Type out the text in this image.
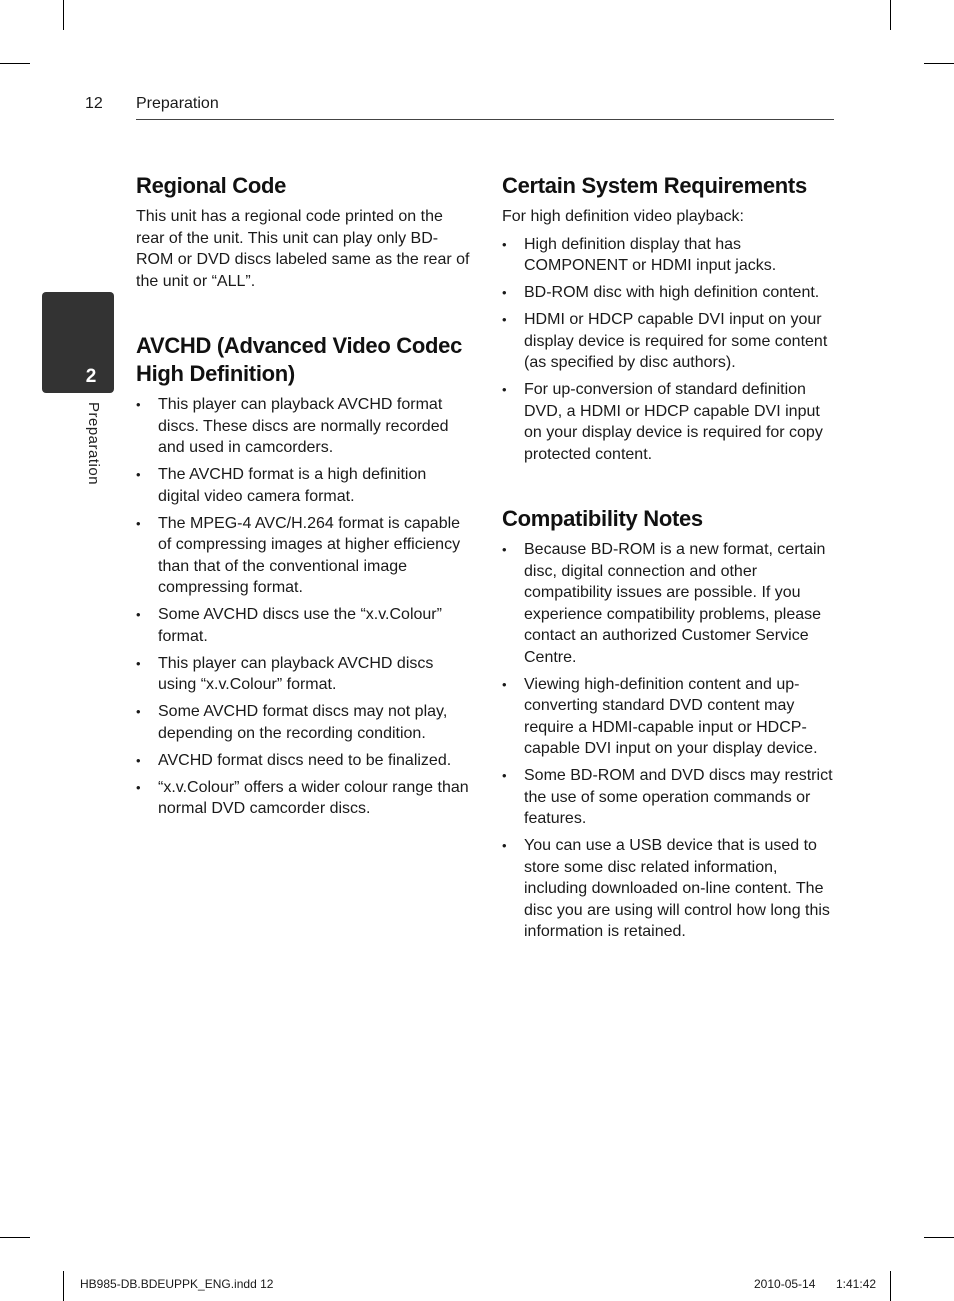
12 Preparation
2
Preparation
Regional Code

This unit has a regional code printed on the rear of the unit. This unit can play only BD-ROM or DVD discs labeled same as the rear of the unit or “ALL”.

AVCHD (Advanced Video Codec High Definition)
• This player can playback AVCHD format discs. These discs are normally recorded and used in camcorders.
• The AVCHD format is a high definition digital video camera format.
• The MPEG-4 AVC/H.264 format is capable of compressing images at higher efficiency than that of the conventional image compressing format.
• Some AVCHD discs use the “x.v.Colour” format.
• This player can playback AVCHD discs using “x.v.Colour” format.
• Some AVCHD format discs may not play, depending on the recording condition.
• AVCHD format discs need to be finalized.
• “x.v.Colour” offers a wider colour range than normal DVD camcorder discs.
Certain System Requirements

For high definition video playback:

• High definition display that has COMPONENT or HDMI input jacks.
• BD-ROM disc with high definition content.
• HDMI or HDCP capable DVI input on your display device is required for some content (as specified by disc authors).
• For up-conversion of standard definition DVD, a HDMI or HDCP capable DVI input on your display device is required for copy protected content.
Compatibility Notes
• Because BD-ROM is a new format, certain disc, digital connection and other compatibility issues are possible. If you experience compatibility problems, please contact an authorized Customer Service Centre.
• Viewing high-definition content and up-converting standard DVD content may require a HDMI-capable input or HDCP-capable DVI input on your display device.
• Some BD-ROM and DVD discs may restrict the use of some operation commands or features.
• You can use a USB device that is used to store some disc related information, including downloaded on-line content. The disc you are using will control how long this information is retained.
HB985-DB.BDEUPPK_ENG.indd 12	2010-05-14 1:41:42
